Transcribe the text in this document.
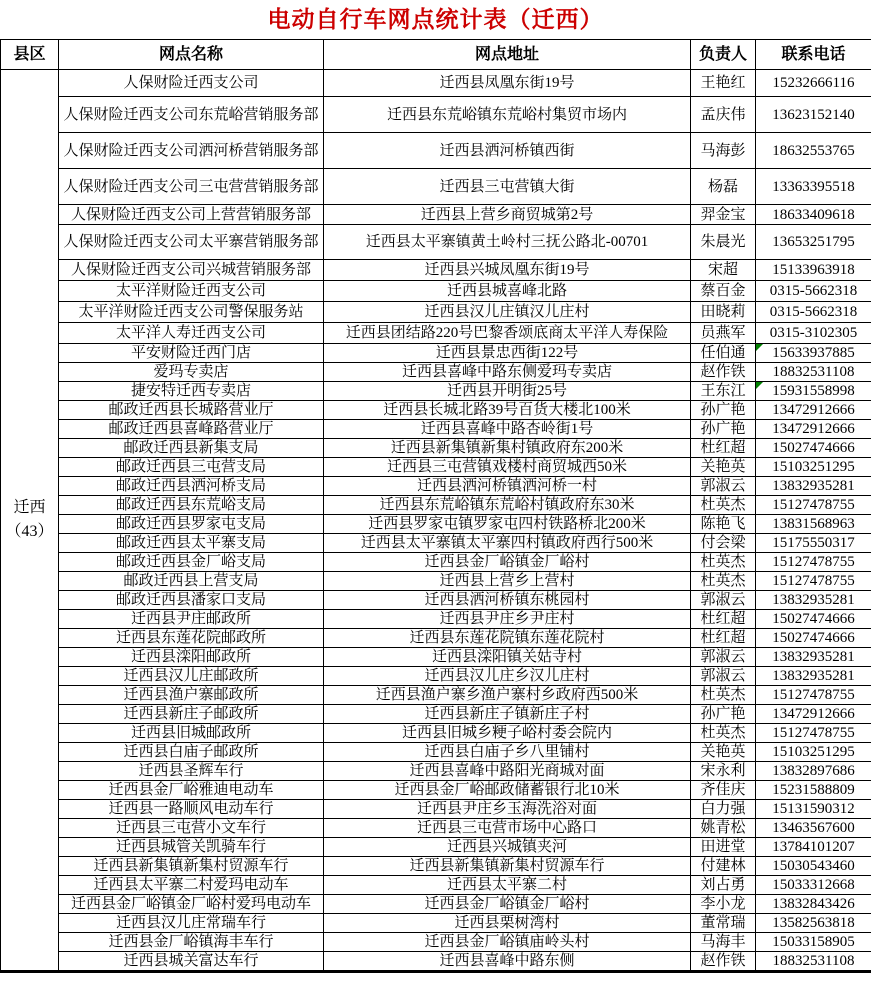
电动自行车网点统计表（迁西）
县区	网点名称	网点地址	负责人	联系电话

迁西
（43）	人保财险迁西支公司	迁西县凤凰东街19号	王艳红	15232666116
	人保财险迁西支公司东荒峪营销服务部	迁西县东荒峪镇东荒峪村集贸市场内	孟庆伟	13623152140
	人保财险迁西支公司洒河桥营销服务部	迁西县洒河桥镇西街	马海彭	18632553765
	人保财险迁西支公司三屯营营销服务部	迁西县三屯营镇大街	杨磊	13363395518
	人保财险迁西支公司上营营销服务部	迁西县上营乡商贸城第2号	羿金宝	18633409618
	人保财险迁西支公司太平寨营销服务部	迁西县太平寨镇黄土岭村三抚公路北-00701	朱晨光	13653251795
	人保财险迁西支公司兴城营销服务部	迁西县兴城凤凰东街19号	宋超	15133963918
	太平洋财险迁西支公司	迁西县城喜峰北路	蔡百金	0315-5662318
	太平洋财险迁西支公司警保服务站	迁西县汉儿庄镇汉儿庄村	田晓莉	0315-5662318
	太平洋人寿迁西支公司	迁西县团结路220号巴黎香颂底商太平洋人寿保险	员燕军	0315-3102305
	平安财险迁西门店	迁西县景忠西街122号	任伯通	15633937885
	爱玛专卖店	迁西县喜峰中路东侧爱玛专卖店	赵作铁	18832531108
	捷安特迁西专卖店	迁西县开明街25号	王东江	15931558998
	邮政迁西县长城路营业厅	迁西县长城北路39号百货大楼北100米	孙广艳	13472912666
	邮政迁西县喜峰路营业厅	迁西县喜峰中路杏岭街1号	孙广艳	13472912666
	邮政迁西县新集支局	迁西县新集镇新集村镇政府东200米	杜红超	15027474666
	邮政迁西县三屯营支局	迁西县三屯营镇戏楼村商贸城西50米	关艳英	15103251295
	邮政迁西县洒河桥支局	迁西县洒河桥镇洒河桥一村	郭淑云	13832935281
	邮政迁西县东荒峪支局	迁西县东荒峪镇东荒峪村镇政府东30米	杜英杰	15127478755
	邮政迁西县罗家屯支局	迁西县罗家屯镇罗家屯四村铁路桥北200米	陈艳飞	13831568963
	邮政迁西县太平寨支局	迁西县太平寨镇太平寨四村镇政府西行500米	付会梁	15175550317
	邮政迁西县金厂峪支局	迁西县金厂峪镇金厂峪村	杜英杰	15127478755
	邮政迁西县上营支局	迁西县上营乡上营村	杜英杰	15127478755
	邮政迁西县潘家口支局	迁西县洒河桥镇东桃园村	郭淑云	13832935281
	迁西县尹庄邮政所	迁西县尹庄乡尹庄村	杜红超	15027474666
	迁西县东莲花院邮政所	迁西县东莲花院镇东莲花院村	杜红超	15027474666
	迁西县滦阳邮政所	迁西县滦阳镇关姑寺村	郭淑云	13832935281
	迁西县汉儿庄邮政所	迁西县汉儿庄乡汉儿庄村	郭淑云	13832935281
	迁西县渔户寨邮政所	迁西县渔户寨乡渔户寨村乡政府西500米	杜英杰	15127478755
	迁西县新庄子邮政所	迁西县新庄子镇新庄子村	孙广艳	13472912666
	迁西县旧城邮政所	迁西县旧城乡粳子峪村委会院内	杜英杰	15127478755
	迁西县白庙子邮政所	迁西县白庙子乡八里铺村	关艳英	15103251295
	迁西县圣辉车行	迁西县喜峰中路阳光商城对面	宋永利	13832897686
	迁西县金厂峪雅迪电动车	迁西县金厂峪邮政储蓄银行北10米	齐佳庆	15231588809
	迁西县一路顺风电动车行	迁西县尹庄乡玉海洗浴对面	白力强	15131590312
	迁西县三屯营小文车行	迁西县三屯营市场中心路口	姚青松	13463567600
	迁西县城管关凯骑车行	迁西县兴城镇夹河	田进堂	13784101207
	迁西县新集镇新集村贸源车行	迁西县新集镇新集村贸源车行	付建林	15030543460
	迁西县太平寨二村爱玛电动车	迁西县太平寨二村	刘占勇	15033312668
	迁西县金厂峪镇金厂峪村爱玛电动车	迁西县金厂峪镇金厂峪村	李小龙	13832843426
	迁西县汉儿庄常瑞车行	迁西县栗树湾村	董常瑞	13582563818
	迁西县金厂峪镇海丰车行	迁西县金厂峪镇庙岭头村	马海丰	15033158905
	迁西县城关富达车行	迁西县喜峰中路东侧	赵作铁	18832531108
